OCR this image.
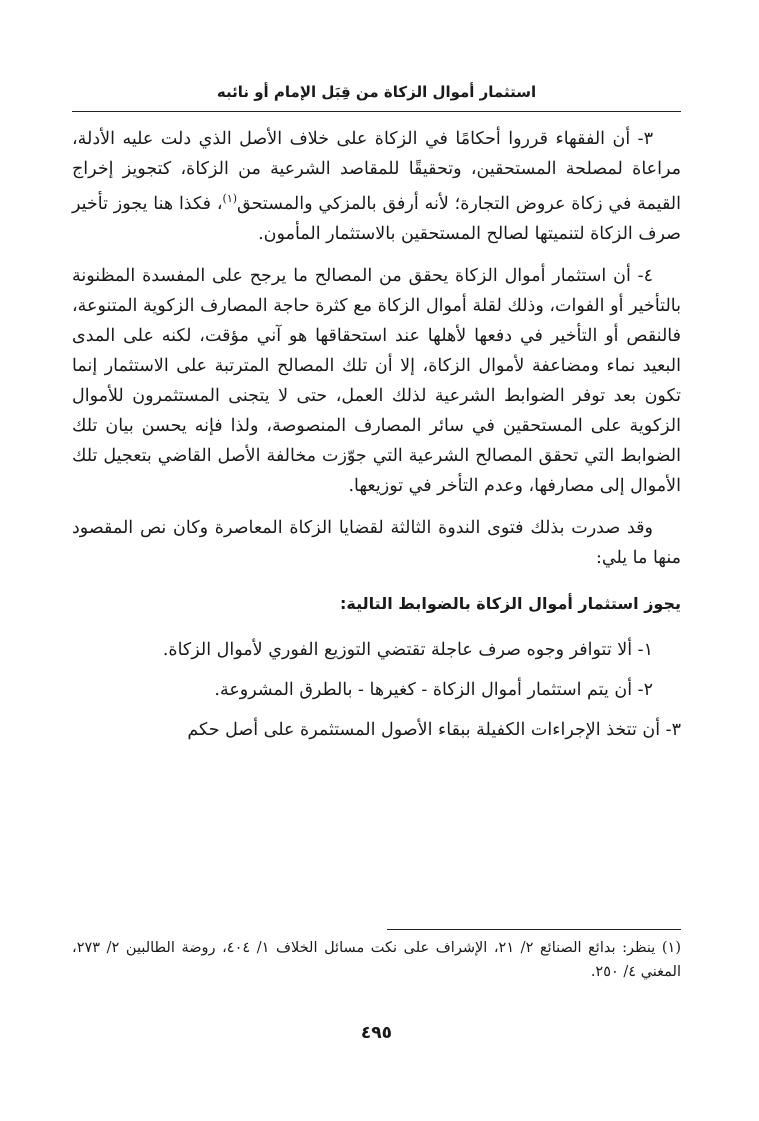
استثمار أموال الزكاة من قِبَل الإمام أو نائبه

٣- أن الفقهاء قرروا أحكامًا في الزكاة على خلاف الأصل الذي دلت عليه الأدلة، مراعاة لمصلحة المستحقين، وتحقيقًا للمقاصد الشرعية من الزكاة، كتجويز إخراج القيمة في زكاة عروض التجارة؛ لأنه أرفق بالمزكي والمستحق$^{(١)}$، فكذا هنا يجوز تأخير صرف الزكاة لتنميتها لصالح المستحقين بالاستثمار المأمون.

٤- أن استثمار أموال الزكاة يحقق من المصالح ما يرجح على المفسدة المظنونة بالتأخير أو الفوات، وذلك لقلة أموال الزكاة مع كثرة حاجة المصارف الزكوية المتنوعة، فالنقص أو التأخير في دفعها لأهلها عند استحقاقها هو آني مؤقت، لكنه على المدى البعيد نماء ومضاعفة لأموال الزكاة، إلا أن تلك المصالح المترتبة على الاستثمار إنما تكون بعد توفر الضوابط الشرعية لذلك العمل، حتى لا يتجنى المستثمرون للأموال الزكوية على المستحقين في سائر المصارف المنصوصة، ولذا فإنه يحسن بيان تلك الضوابط التي تحقق المصالح الشرعية التي جوّزت مخالفة الأصل القاضي بتعجيل تلك الأموال إلى مصارفها، وعدم التأخر في توزيعها.

وقد صدرت بذلك فتوى الندوة الثالثة لقضايا الزكاة المعاصرة وكان نص المقصود منها ما يلي:

يجوز استثمار أموال الزكاة بالضوابط التالية:

١- ألا تتوافر وجوه صرف عاجلة تقتضي التوزيع الفوري لأموال الزكاة.

٢- أن يتم استثمار أموال الزكاة - كغيرها - بالطرق المشروعة.

٣- أن تتخذ الإجراءات الكفيلة ببقاء الأصول المستثمرة على أصل حكم

(١) ينظر: بدائع الصنائع ٢/ ٢١، الإشراف على نكت مسائل الخلاف ١/ ٤٠٤، روضة الطالبين ٢/ ٢٧٣، المغني ٤/ ٢٥٠.

٤٩٥
